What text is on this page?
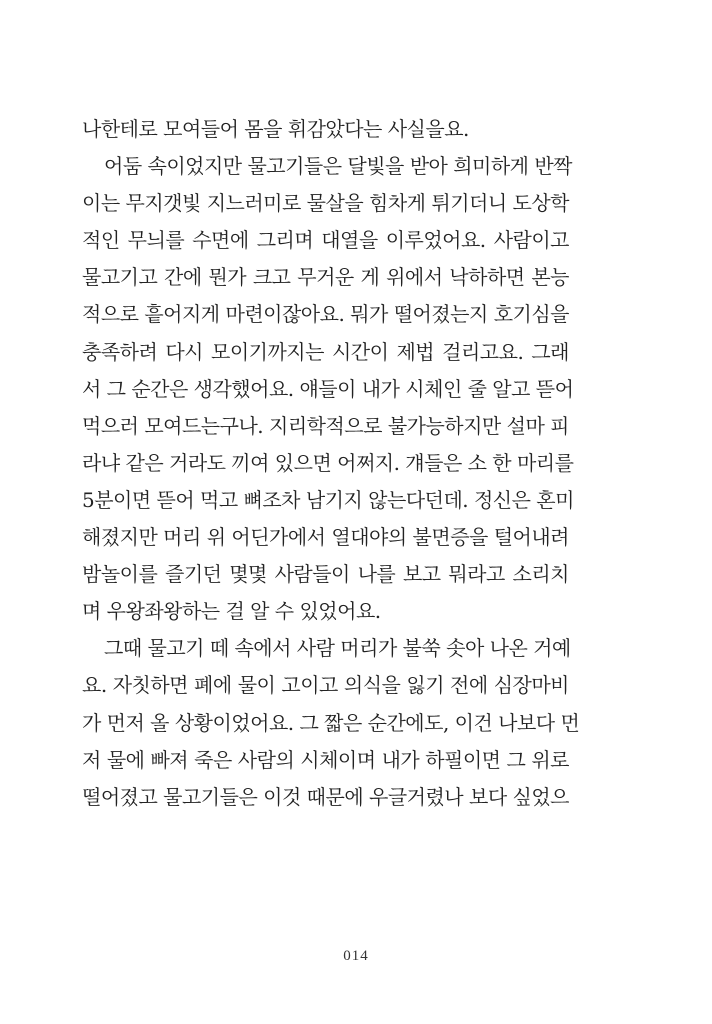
나한테로 모여들어 몸을 휘감았다는 사실을요.
어둠 속이었지만 물고기들은 달빛을 받아 희미하게 반짝
이는 무지갯빛 지느러미로 물살을 힘차게 튀기더니 도상학
적인 무늬를 수면에 그리며 대열을 이루었어요. 사람이고
물고기고 간에 뭔가 크고 무거운 게 위에서 낙하하면 본능
적으로 흩어지게 마련이잖아요. 뭐가 떨어졌는지 호기심을
충족하려 다시 모이기까지는 시간이 제법 걸리고요. 그래
서 그 순간은 생각했어요. 얘들이 내가 시체인 줄 알고 뜯어
먹으러 모여드는구나. 지리학적으로 불가능하지만 설마 피
라냐 같은 거라도 끼여 있으면 어쩌지. 걔들은 소 한 마리를
5분이면 뜯어 먹고 뼈조차 남기지 않는다던데. 정신은 혼미
해졌지만 머리 위 어딘가에서 열대야의 불면증을 털어내려
밤놀이를 즐기던 몇몇 사람들이 나를 보고 뭐라고 소리치
며 우왕좌왕하는 걸 알 수 있었어요.
그때 물고기 떼 속에서 사람 머리가 불쑥 솟아 나온 거예
요. 자칫하면 폐에 물이 고이고 의식을 잃기 전에 심장마비
가 먼저 올 상황이었어요. 그 짧은 순간에도, 이건 나보다 먼
저 물에 빠져 죽은 사람의 시체이며 내가 하필이면 그 위로
떨어졌고 물고기들은 이것 때문에 우글거렸나 보다 싶었으
014
